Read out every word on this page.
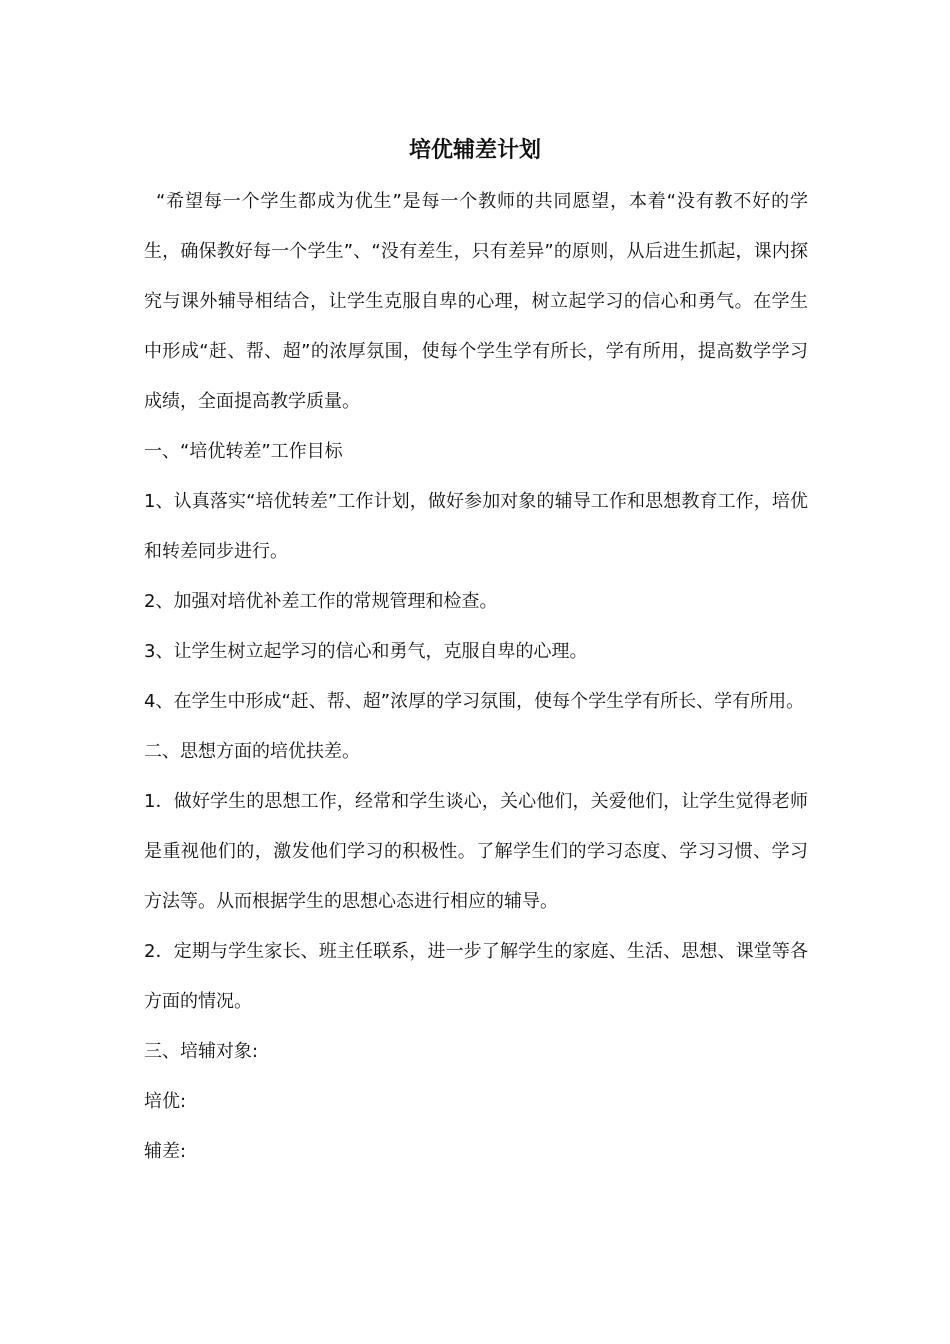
培优辅差计划

“希望每一个学生都成为优生”是每一个教师的共同愿望，本着“没有教不好的学生，确保教好每一个学生”、“没有差生，只有差异”的原则，从后进生抓起，课内探究与课外辅导相结合，让学生克服自卑的心理，树立起学习的信心和勇气。在学生中形成“赶、帮、超”的浓厚氛围，使每个学生学有所长，学有所用，提高数学学习成绩，全面提高教学质量。

一、“培优转差”工作目标

1、认真落实“培优转差”工作计划，做好参加对象的辅导工作和思想教育工作，培优和转差同步进行。

2、加强对培优补差工作的常规管理和检查。

3、让学生树立起学习的信心和勇气，克服自卑的心理。

4、在学生中形成“赶、帮、超”浓厚的学习氛围，使每个学生学有所长、学有所用。

二、思想方面的培优扶差。

1．做好学生的思想工作，经常和学生谈心，关心他们，关爱他们，让学生觉得老师是重视他们的，激发他们学习的积极性。了解学生们的学习态度、学习习惯、学习方法等。从而根据学生的思想心态进行相应的辅导。

2．定期与学生家长、班主任联系，进一步了解学生的家庭、生活、思想、课堂等各方面的情况。

三、培辅对象:

培优:

辅差:
